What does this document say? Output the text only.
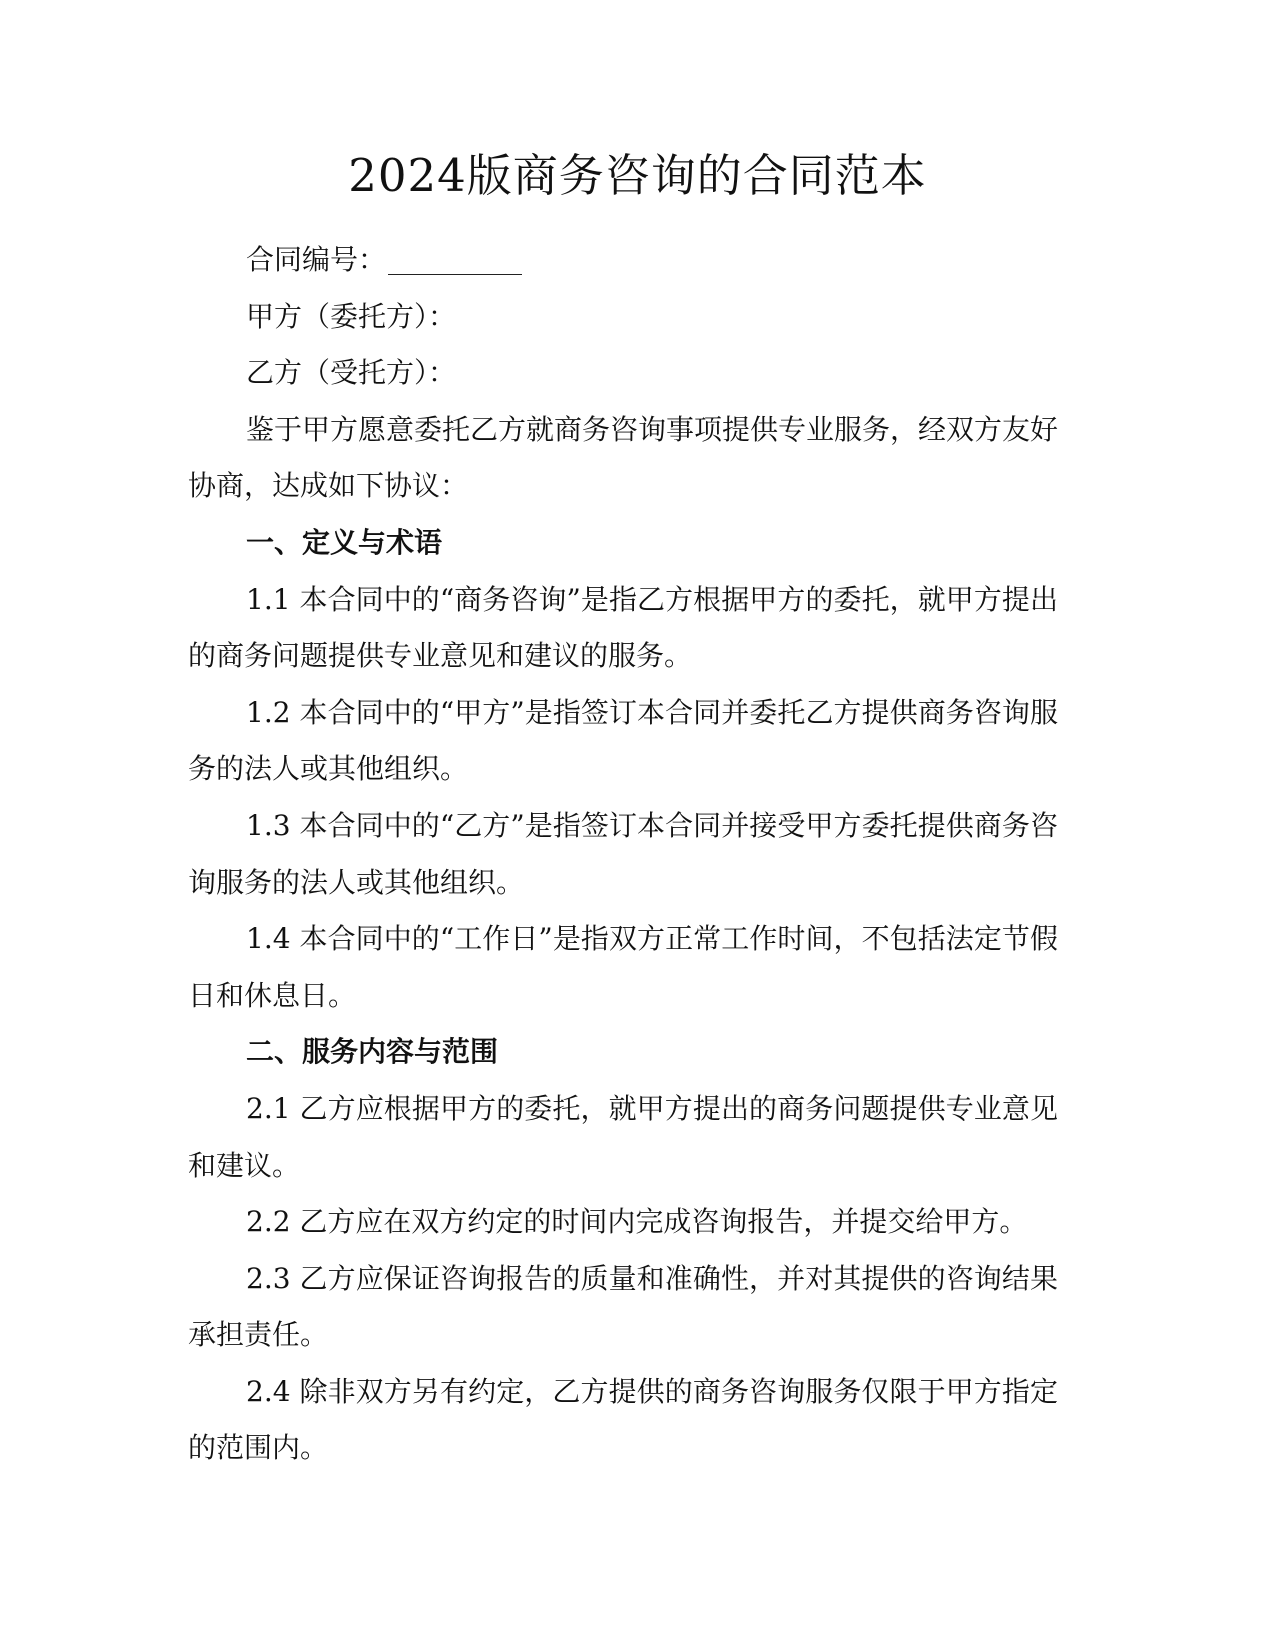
2024版商务咨询的合同范本

合同编号：

甲方（委托方）：

乙方（受托方）：

鉴于甲方愿意委托乙方就商务咨询事项提供专业服务，经双方友好协商，达成如下协议：

一、定义与术语

1.1 本合同中的“商务咨询”是指乙方根据甲方的委托，就甲方提出的商务问题提供专业意见和建议的服务。

1.2 本合同中的“甲方”是指签订本合同并委托乙方提供商务咨询服务的法人或其他组织。

1.3 本合同中的“乙方”是指签订本合同并接受甲方委托提供商务咨询服务的法人或其他组织。

1.4 本合同中的“工作日”是指双方正常工作时间，不包括法定节假日和休息日。

二、服务内容与范围

2.1 乙方应根据甲方的委托，就甲方提出的商务问题提供专业意见和建议。

2.2 乙方应在双方约定的时间内完成咨询报告，并提交给甲方。

2.3 乙方应保证咨询报告的质量和准确性，并对其提供的咨询结果承担责任。

2.4 除非双方另有约定，乙方提供的商务咨询服务仅限于甲方指定的范围内。
